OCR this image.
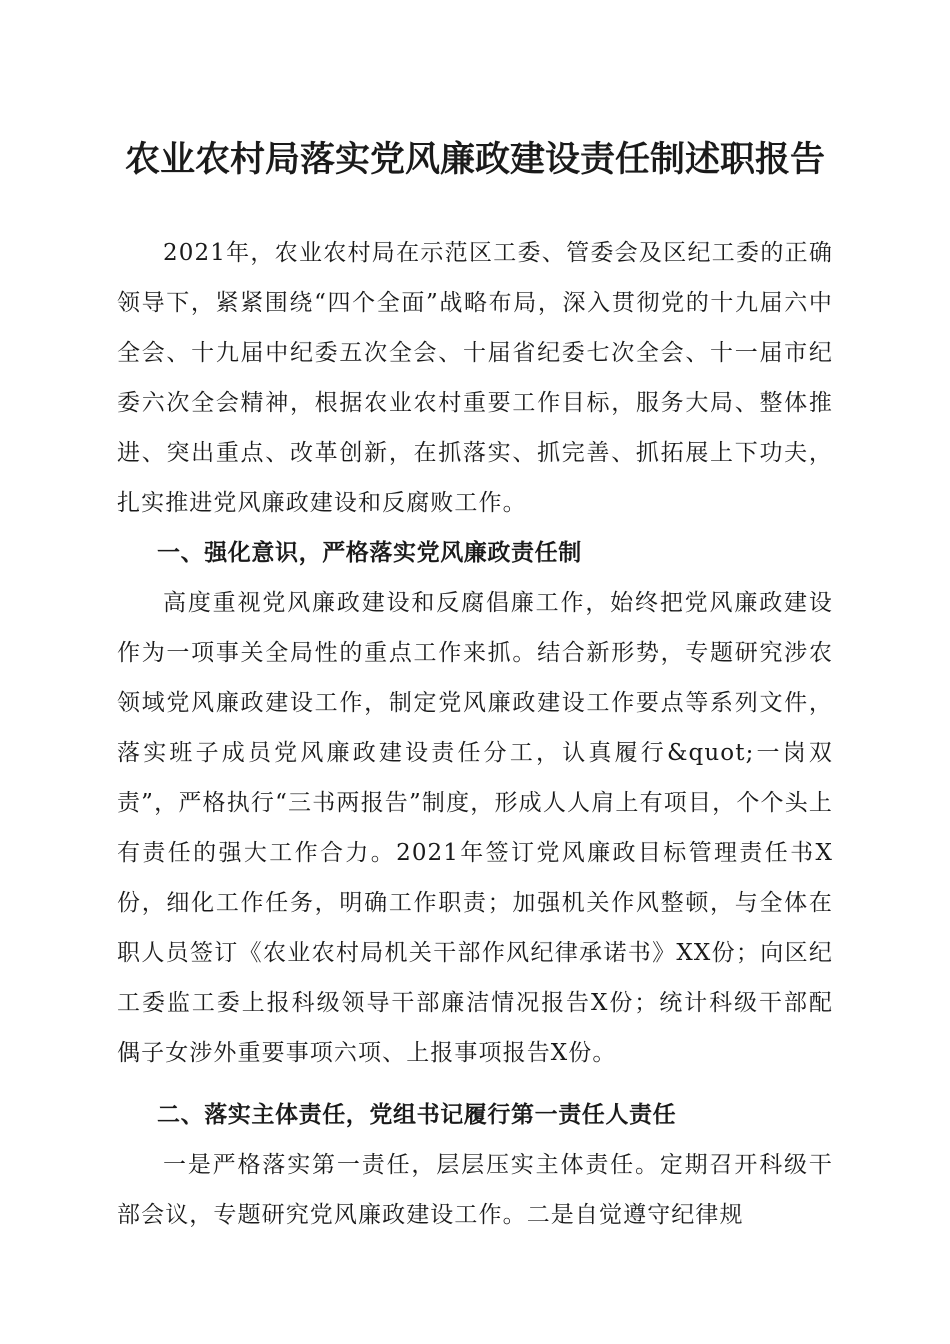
农业农村局落实党风廉政建设责任制述职报告

2021年，农业农村局在示范区工委、管委会及区纪工委的正确领导下，紧紧围绕“四个全面”战略布局，深入贯彻党的十九届六中全会、十九届中纪委五次全会、十届省纪委七次全会、十一届市纪委六次全会精神，根据农业农村重要工作目标，服务大局、整体推进、突出重点、改革创新，在抓落实、抓完善、抓拓展上下功夫，扎实推进党风廉政建设和反腐败工作。

一、强化意识，严格落实党风廉政责任制

高度重视党风廉政建设和反腐倡廉工作，始终把党风廉政建设作为一项事关全局性的重点工作来抓。结合新形势，专题研究涉农领域党风廉政建设工作，制定党风廉政建设工作要点等系列文件，落实班子成员党风廉政建设责任分工，认真履行&quot;一岗双责”，严格执行“三书两报告”制度，形成人人肩上有项目，个个头上有责任的强大工作合力。2021年签订党风廉政目标管理责任书X份，细化工作任务，明确工作职责；加强机关作风整顿，与全体在职人员签订《农业农村局机关干部作风纪律承诺书》XX份；向区纪工委监工委上报科级领导干部廉洁情况报告X份；统计科级干部配偶子女涉外重要事项六项、上报事项报告X份。

二、落实主体责任，党组书记履行第一责任人责任

一是严格落实第一责任，层层压实主体责任。定期召开科级干部会议，专题研究党风廉政建设工作。二是自觉遵守纪律规
